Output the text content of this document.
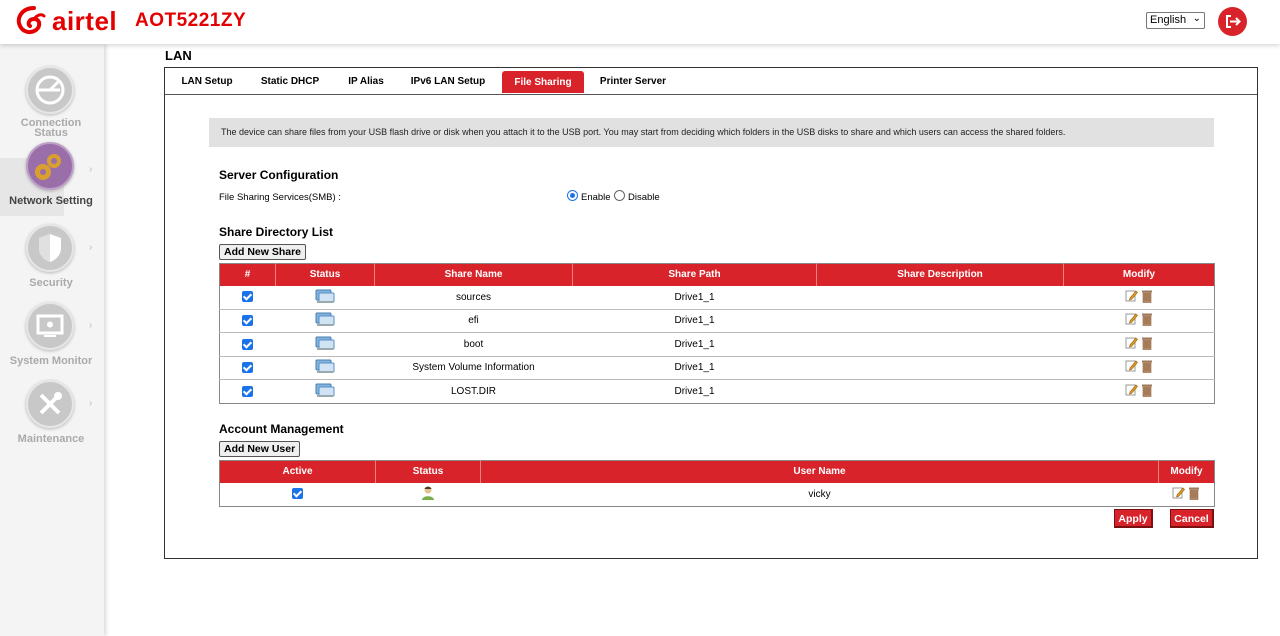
airtel AOT5221ZY	English ⌄
Connection
Status
Network Setting
›
Security
›
System Monitor
›
Maintenance
›
LAN
LAN Setup	Static DHCP	IP Alias	IPv6 LAN Setup	File Sharing	Printer Server
The device can share files from your USB flash drive or disk when you attach it to the USB port. You may start from deciding which folders in the USB disks to share and which users can access the shared folders.
Server Configuration
File Sharing Services(SMB) :	Enable Disable
Share Directory List
Add New Share
#	Status	Share Name	Share Path	Share Description	Modify
		sources	Drive1_1		

		efi	Drive1_1		

		boot	Drive1_1		

		System Volume Information	Drive1_1		

		LOST.DIR	Drive1_1		
Account Management
Add New User
Active	Status	User Name	Modify
		vicky	
Apply	Cancel
